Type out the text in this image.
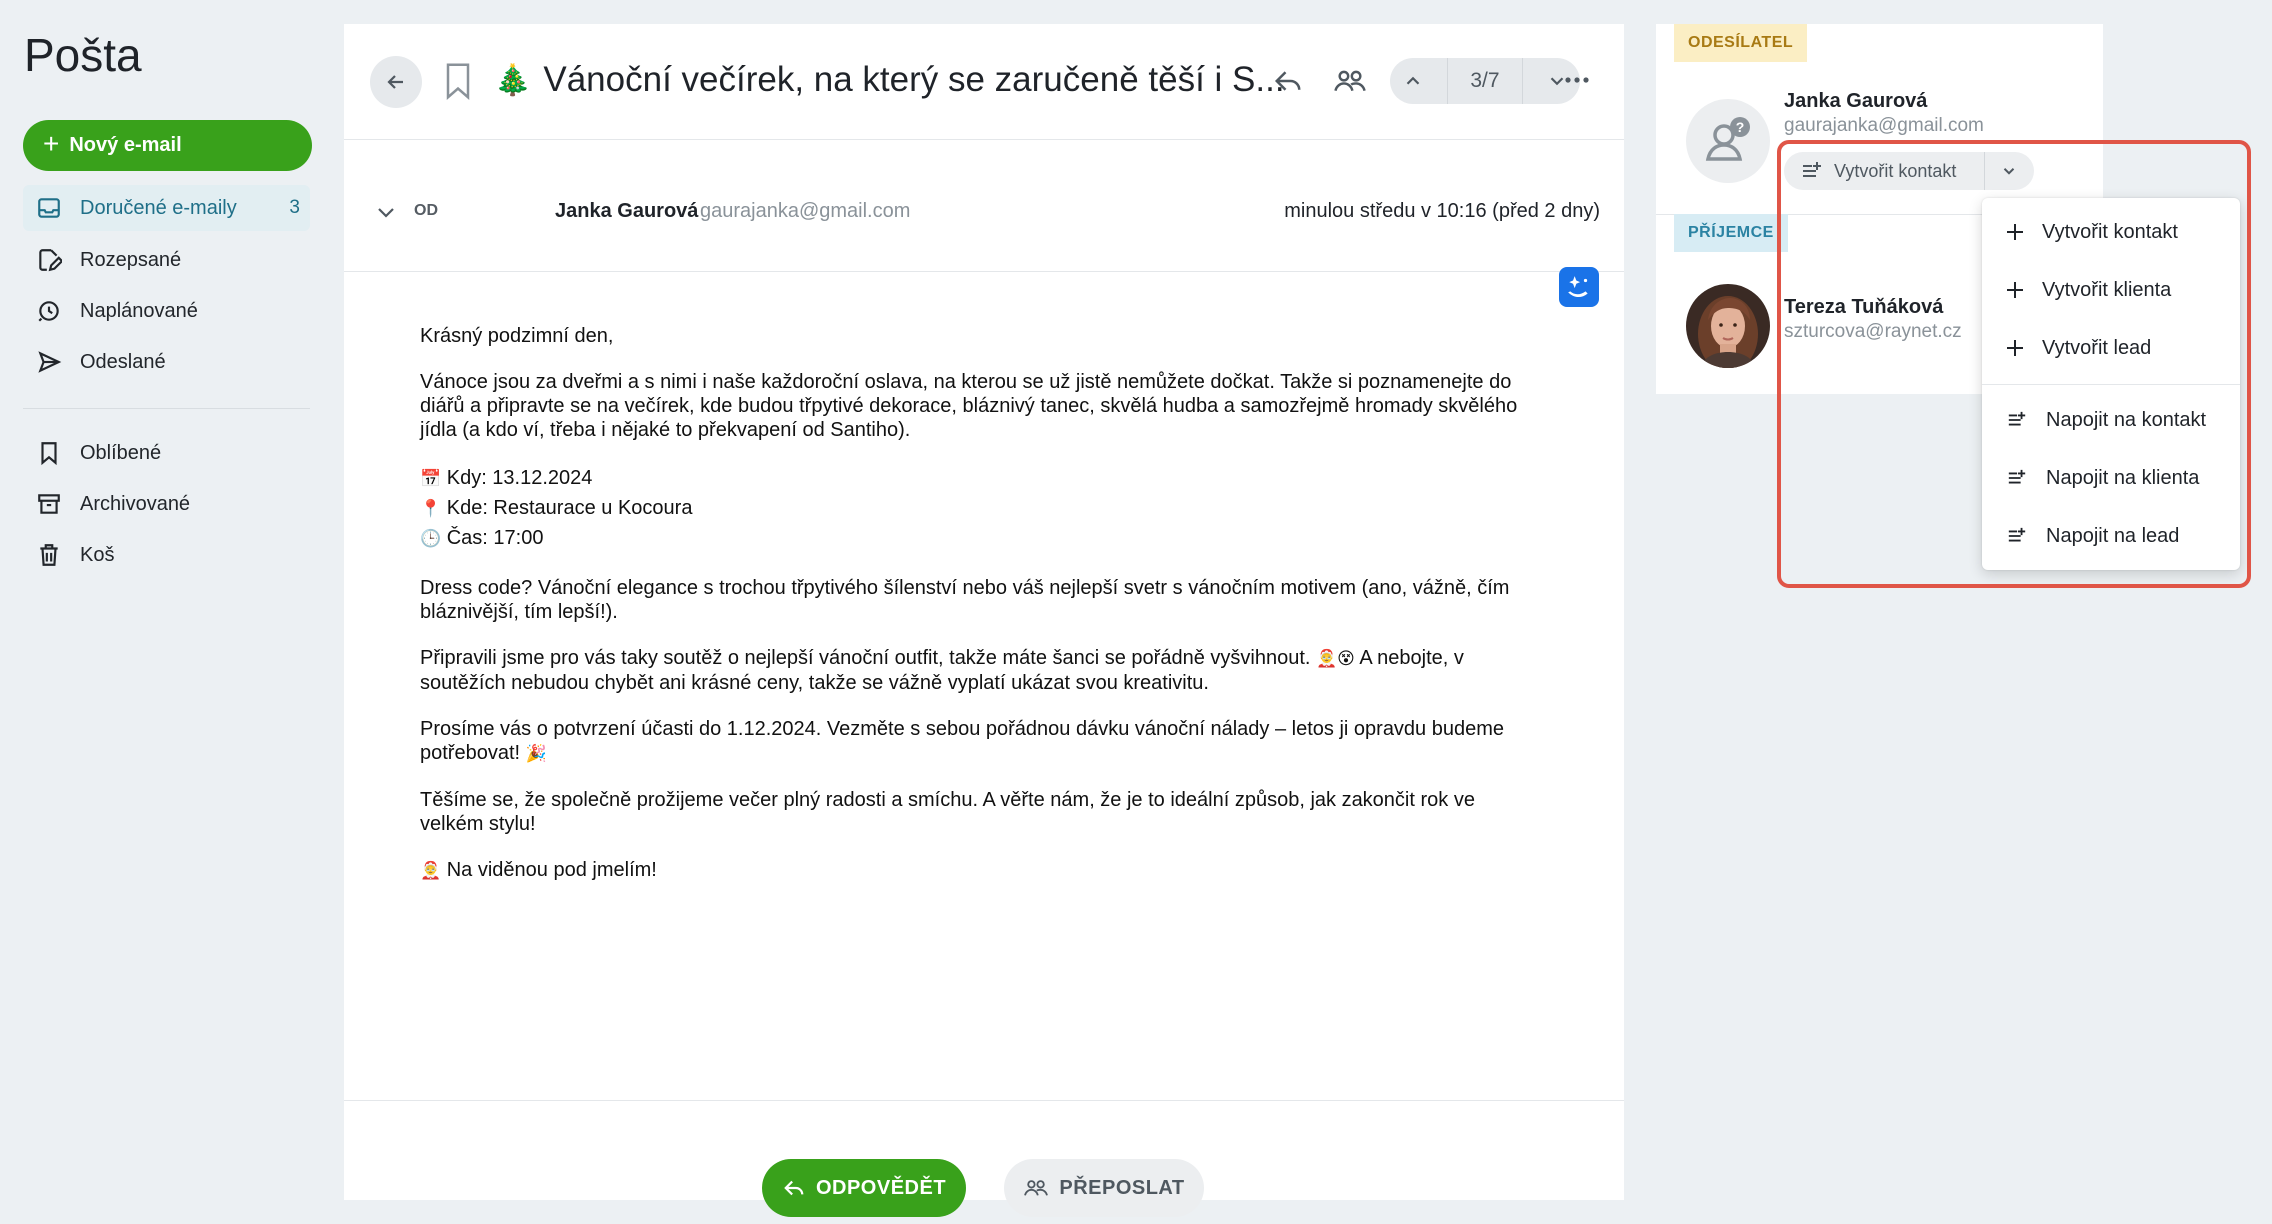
Pošta
+ Nový e-mail
Doručené e-maily	3
Rozepsané
Naplánované
Odeslané
Oblíbené
Archivované
Koš
🎄 Vánoční večírek, na který se zaručeně těší i S...	3/7
OD	Janka Gaurová gaurajanka@gmail.com	minulou středu v 10:16 (před 2 dny)

Krásný podzimní den,

Vánoce jsou za dveřmi a s nimi i naše každoroční oslava, na kterou se už jistě nemůžete dočkat. Takže si poznamenejte do diářů a připravte se na večírek, kde budou třpytivé dekorace, bláznivý tanec, skvělá hudba a samozřejmě hromady skvělého jídla (a kdo ví, třeba i nějaké to překvapení od Santiho).

📅 Kdy: 13.12.2024

📍 Kde: Restaurace u Kocoura

🕒 Čas: 17:00

Dress code? Vánoční elegance s trochou třpytivého šílenství nebo váš nejlepší svetr s vánočním motivem (ano, vážně, čím bláznivější, tím lepší!).

Připravili jsme pro vás taky soutěž o nejlepší vánoční outfit, takže máte šanci se pořádně vyšvihnout. 🤶😵 A nebojte, v soutěžích nebudou chybět ani krásné ceny, takže se vážně vyplatí ukázat svou kreativitu.

Prosíme vás o potvrzení účasti do 1.12.2024. Vezměte s sebou pořádnou dávku vánoční nálady – letos ji opravdu budeme potřebovat! 🎉

Těšíme se, že společně prožijeme večer plný radosti a smíchu. A věřte nám, že je to ideální způsob, jak zakončit rok ve velkém stylu!

🤶 Na viděnou pod jmelím!

ODPOVĚDĚT	PŘEPOSLAT
ODESÍLATEL
?
Janka Gaurová
gaurajanka@gmail.com
Vytvořit kontakt
PŘÍJEMCE
Tereza Tuňáková
szturcova@raynet.cz
Vytvořit kontakt
Vytvořit klienta
Vytvořit lead
Napojit na kontakt
Napojit na klienta
Napojit na lead
